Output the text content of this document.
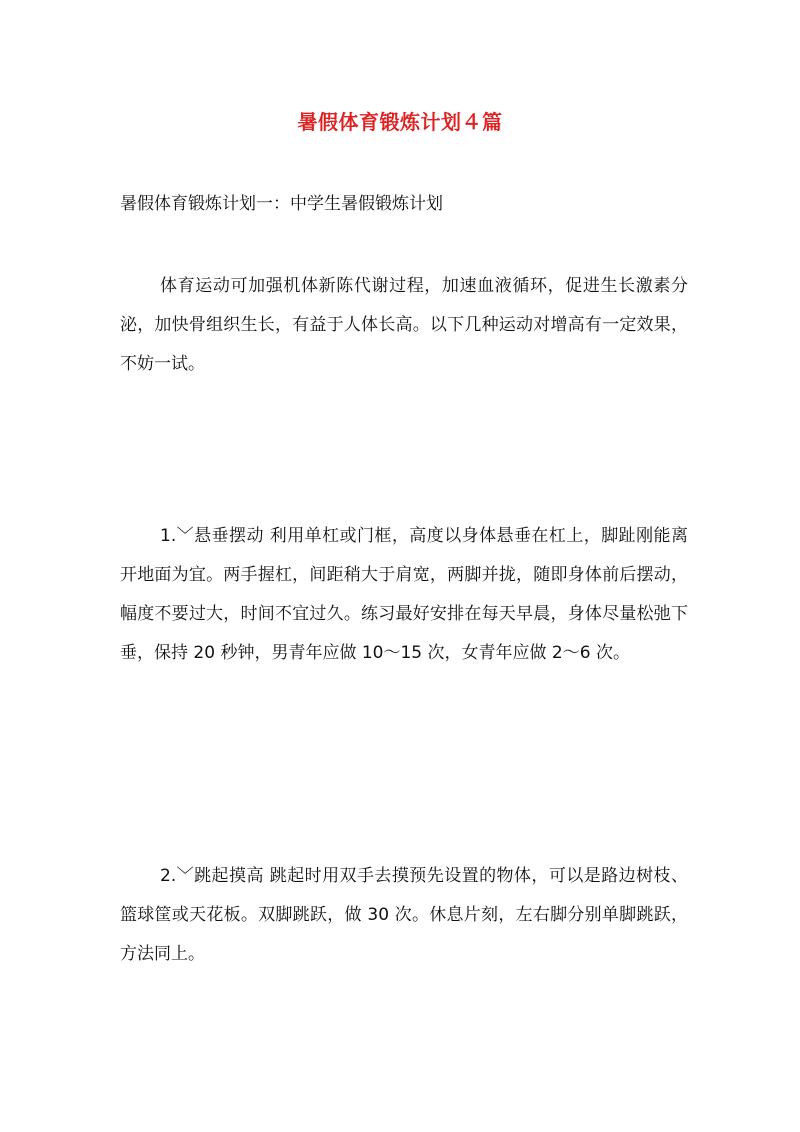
暑假体育锻炼计划４篇
暑假体育锻炼计划一：中学生暑假锻炼计划

体育运动可加强机体新陈代谢过程，加速血液循环，促进生长激素分泌，加快骨组织生长，有益于人体长高。以下几种运动对增高有一定效果，不妨一试。

1.﹀悬垂摆动 利用单杠或门框，高度以身体悬垂在杠上，脚趾刚能离开地面为宜。两手握杠，间距稍大于肩宽，两脚并拢，随即身体前后摆动，幅度不要过大，时间不宜过久。练习最好安排在每天早晨，身体尽量松弛下垂，保持 20 秒钟，男青年应做 10～15 次，女青年应做 2～6 次。

2.﹀跳起摸高 跳起时用双手去摸预先设置的物体，可以是路边树枝、篮球筐或天花板。双脚跳跃，做 30 次。休息片刻，左右脚分别单脚跳跃，方法同上。
